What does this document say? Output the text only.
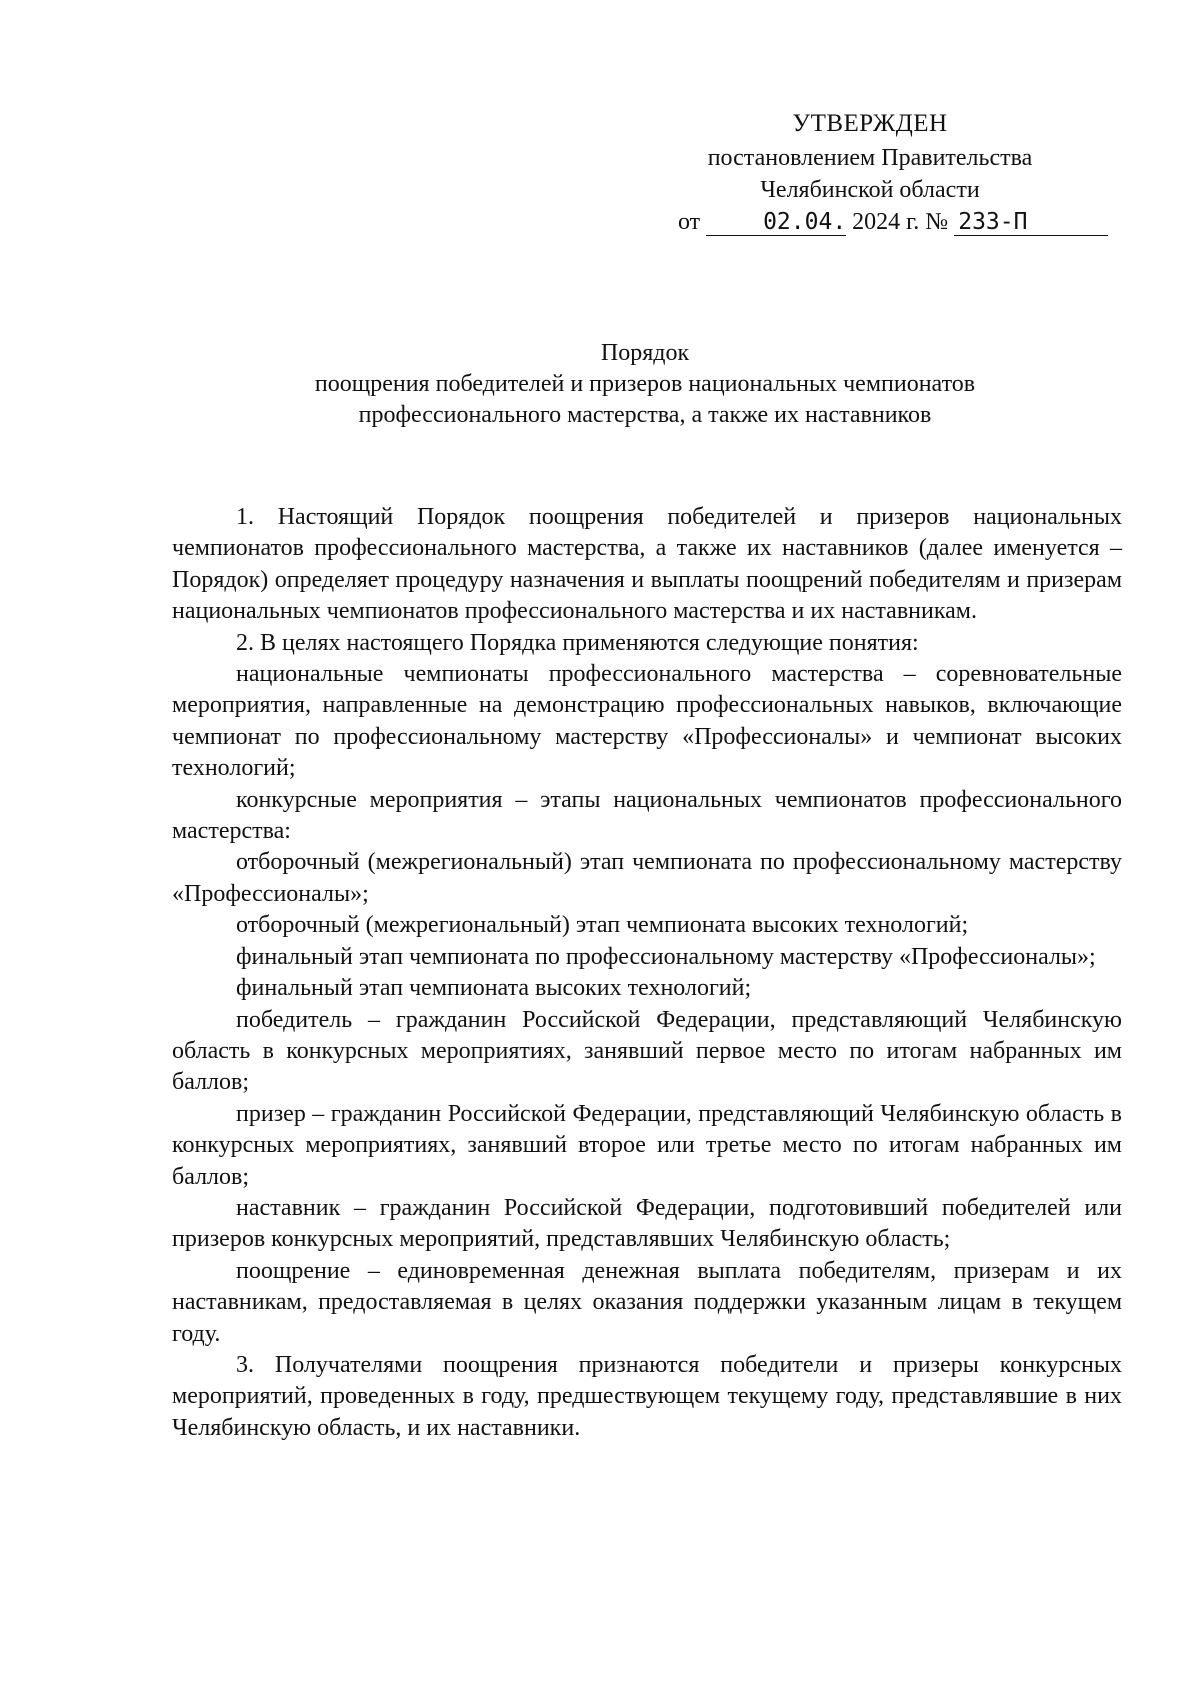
УТВЕРЖДЕН
постановлением Правительства
Челябинской области
от	02.04. 2024 г. № 233-П
Порядок
поощрения победителей и призеров национальных чемпионатов
профессионального мастерства, а также их наставников

1. Настоящий Порядок поощрения победителей и призеров национальных чемпионатов профессионального мастерства, а также их наставников (далее именуется – Порядок) определяет процедуру назначения и выплаты поощрений победителям и призерам национальных чемпионатов профессионального мастерства и их наставникам.

2. В целях настоящего Порядка применяются следующие понятия:

национальные чемпионаты профессионального мастерства – соревновательные мероприятия, направленные на демонстрацию профессиональных навыков, включающие чемпионат по профессиональному мастерству «Профессионалы» и чемпионат высоких технологий;

конкурсные мероприятия – этапы национальных чемпионатов профессионального мастерства:

отборочный (межрегиональный) этап чемпионата по профессиональному мастерству «Профессионалы»;

отборочный (межрегиональный) этап чемпионата высоких технологий;

финальный этап чемпионата по профессиональному мастерству «Профессионалы»;

финальный этап чемпионата высоких технологий;

победитель – гражданин Российской Федерации, представляющий Челябинскую область в конкурсных мероприятиях, занявший первое место по итогам набранных им баллов;

призер – гражданин Российской Федерации, представляющий Челябинскую область в конкурсных мероприятиях, занявший второе или третье место по итогам набранных им баллов;

наставник – гражданин Российской Федерации, подготовивший победителей или призеров конкурсных мероприятий, представлявших Челябинскую область;

поощрение – единовременная денежная выплата победителям, призерам и их наставникам, предоставляемая в целях оказания поддержки указанным лицам в текущем году.

3. Получателями поощрения признаются победители и призеры конкурсных мероприятий, проведенных в году, предшествующем текущему году, представлявшие в них Челябинскую область, и их наставники.
